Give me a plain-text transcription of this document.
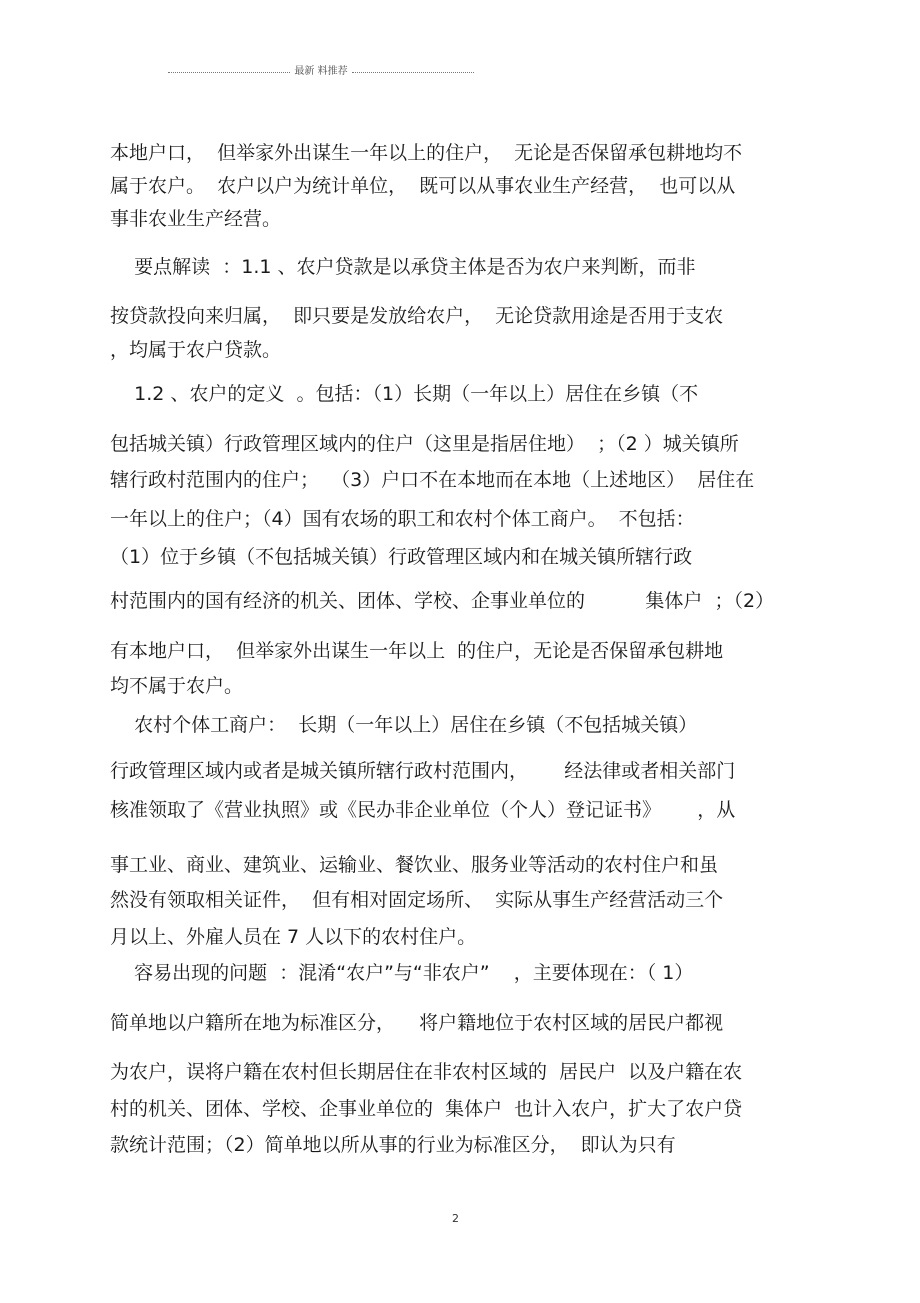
最新 料推荐
本地户口，  但举家外出谋生一年以上的住户，  无论是否保留承包耕地均不
属于农户。  农户以户为统计单位，  既可以从事农业生产经营，  也可以从
事非农业生产经营。
要点解读  ：1.1 、农户贷款是以承贷主体是否为农户来判断，而非
按贷款投向来归属，  即只要是发放给农户，  无论贷款用途是否用于支农
，均属于农户贷款。
1.2 、农户的定义  。包括：（1）长期（一年以上）居住在乡镇（不
包括城关镇）行政管理区域内的住户（这里是指居住地）  ；（2 ）城关镇所
辖行政村范围内的住户；  （3）户口不在本地而在本地（上述地区）  居住在
一年以上的住户；（4）国有农场的职工和农村个体工商户。  不包括：
（1）位于乡镇（不包括城关镇）行政管理区域内和在城关镇所辖行政
村范围内的国有经济的机关、团体、学校、企事业单位的          集体户  ；（2）
有本地户口，  但举家外出谋生一年以上  的住户，无论是否保留承包耕地
均不属于农户。
农村个体工商户：  长期（一年以上）居住在乡镇（不包括城关镇）
行政管理区域内或者是城关镇所辖行政村范围内，      经法律或者相关部门
核准领取了《营业执照》或《民办非企业单位（个人）登记证书》      ，从
事工业、商业、建筑业、运输业、餐饮业、服务业等活动的农村住户和虽
然没有领取相关证件，  但有相对固定场所、  实际从事生产经营活动三个
月以上、外雇人员在 7 人以下的农村住户。
容易出现的问题  ：混淆“农户”与“非农户”    ，主要体现在：（ 1）
简单地以户籍所在地为标准区分，    将户籍地位于农村区域的居民户都视
为农户，误将户籍在农村但长期居住在非农村区域的  居民户  以及户籍在农
村的机关、团体、学校、企事业单位的  集体户  也计入农户，扩大了农户贷
款统计范围；（2）简单地以所从事的行业为标准区分，  即认为只有
2
